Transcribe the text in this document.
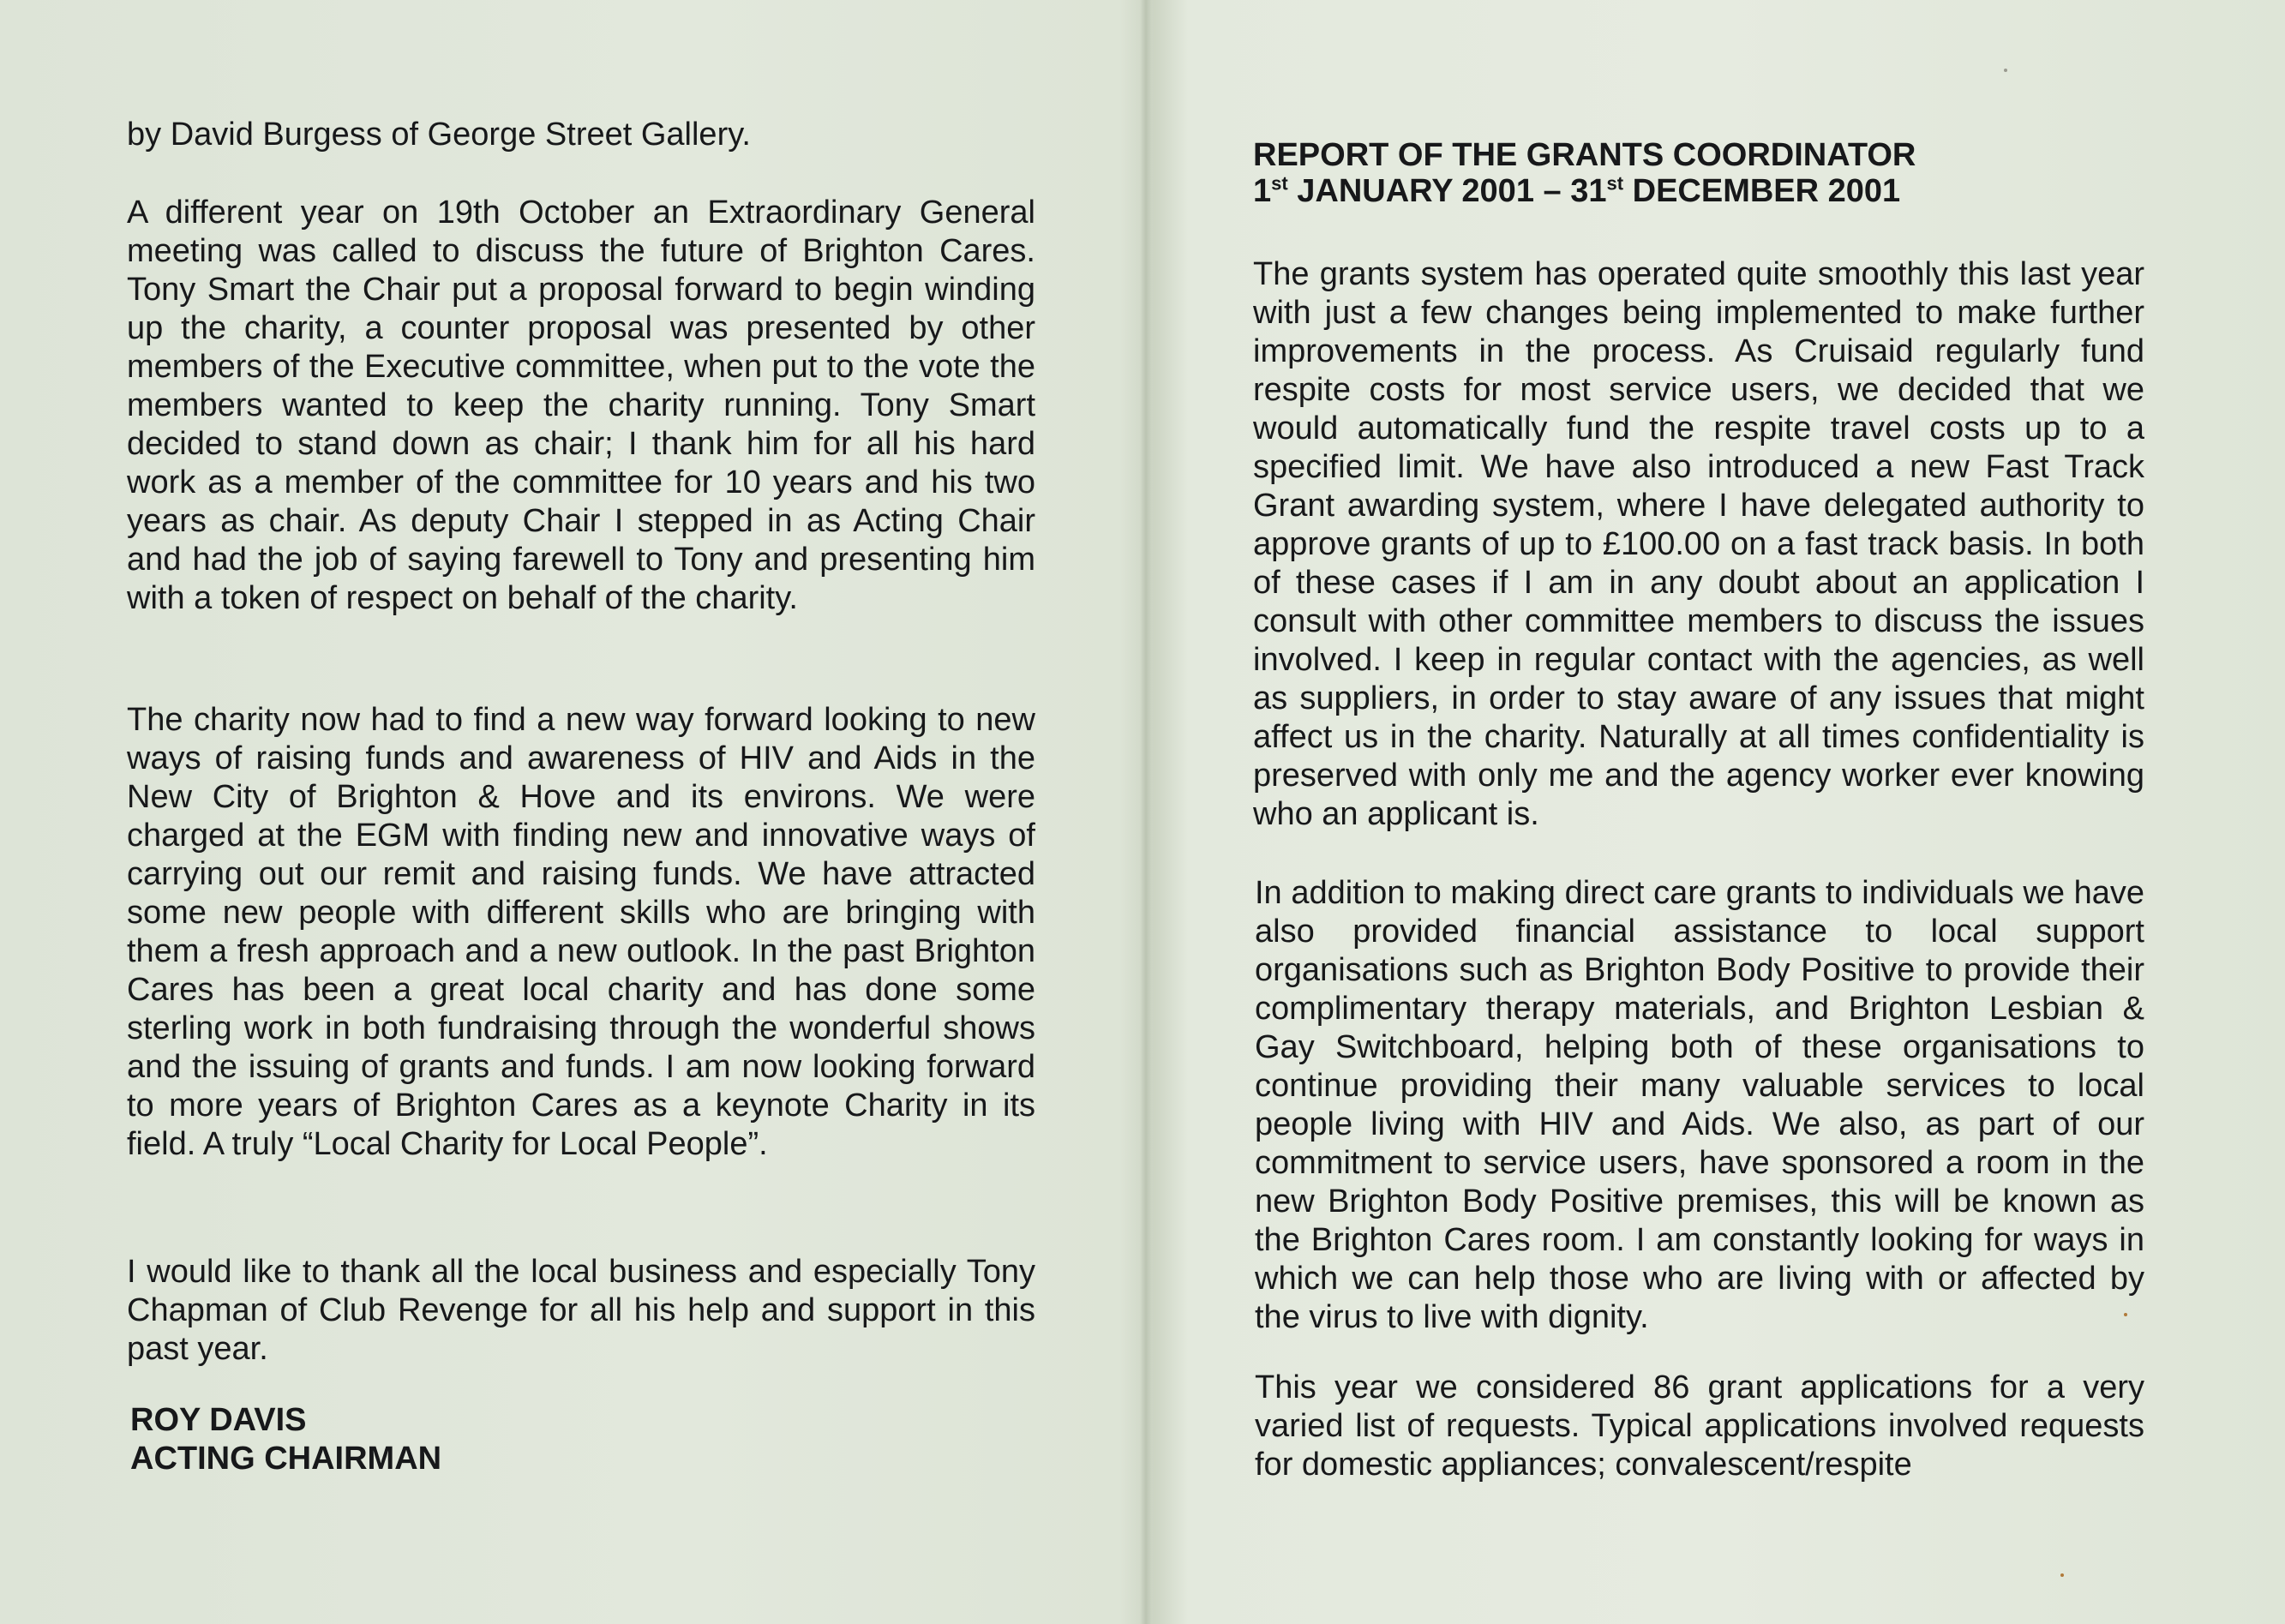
by David Burgess of George Street Gallery.

A different year on 19th October an Extraordinary General meeting was called to discuss the future of Brighton Cares. Tony Smart the Chair put a proposal forward to begin winding up the charity, a counter proposal was presented by other members of the Executive committee, when put to the vote the members wanted to keep the charity running. Tony Smart decided to stand down as chair; I thank him for all his hard work as a member of the committee for 10 years and his two years as chair. As deputy Chair I stepped in as Acting Chair and had the job of saying farewell to Tony and presenting him with a token of respect on behalf of the charity.

The charity now had to find a new way forward looking to new ways of raising funds and awareness of HIV and Aids in the New City of Brighton & Hove and its environs. We were charged at the EGM with finding new and innovative ways of carrying out our remit and raising funds. We have attracted some new people with different skills who are bringing with them a fresh approach and a new outlook. In the past Brighton Cares has been a great local charity and has done some sterling work in both fundraising through the wonderful shows and the issuing of grants and funds. I am now looking forward to more years of Brighton Cares as a keynote Charity in its field. A truly “Local Charity for Local People”.

I would like to thank all the local business and especially Tony Chapman of Club Revenge for all his help and support in this past year.

ROY DAVIS
ACTING CHAIRMAN
REPORT OF THE GRANTS COORDINATOR
1st JANUARY 2001 – 31st DECEMBER 2001

The grants system has operated quite smoothly this last year with just a few changes being implemented to make further improvements in the process. As Cruisaid regularly fund respite costs for most service users, we decided that we would automatically fund the respite travel costs up to a specified limit. We have also introduced a new Fast Track Grant awarding system, where I have delegated authority to approve grants of up to £100.00 on a fast track basis. In both of these cases if I am in any doubt about an application I consult with other committee members to discuss the issues involved. I keep in regular contact with the agencies, as well as suppliers, in order to stay aware of any issues that might affect us in the charity. Naturally at all times confidentiality is preserved with only me and the agency worker ever knowing who an applicant is.

In addition to making direct care grants to individuals we have also provided financial assistance to local support organisations such as Brighton Body Positive to provide their complimentary therapy materials, and Brighton Lesbian & Gay Switchboard, helping both of these organisations to continue providing their many valuable services to local people living with HIV and Aids. We also, as part of our commitment to service users, have sponsored a room in the new Brighton Body Positive premises, this will be known as the Brighton Cares room. I am constantly looking for ways in which we can help those who are living with or affected by the virus to live with dignity.

This year we considered 86 grant applications for a very varied list of requests. Typical applications involved requests for domestic appliances; convalescent/respite
